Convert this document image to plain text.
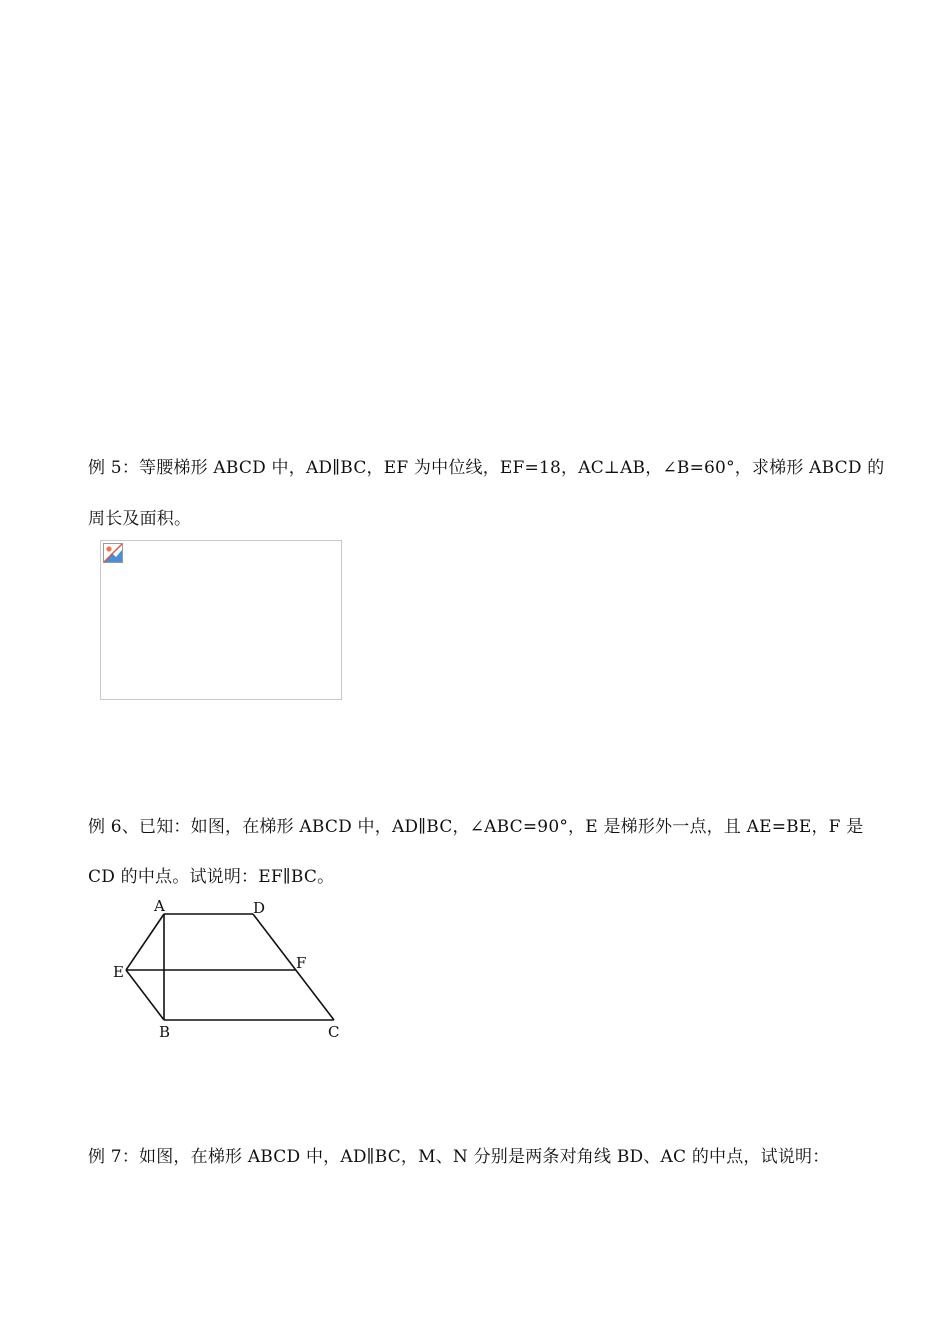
例 5：等腰梯形 ABCD 中，AD∥BC，EF 为中位线，EF=18，AC⊥AB，∠B=60°，求梯形 ABCD 的
周长及面积。
例 6、已知：如图，在梯形 ABCD 中，AD∥BC，∠ABC=90°，E 是梯形外一点，且 AE=BE，F 是
CD 的中点。试说明：EF∥BC。
A	D
E	F
B	C
例 7：如图，在梯形 ABCD 中，AD∥BC，M、N 分别是两条对角线 BD、AC 的中点，试说明：
